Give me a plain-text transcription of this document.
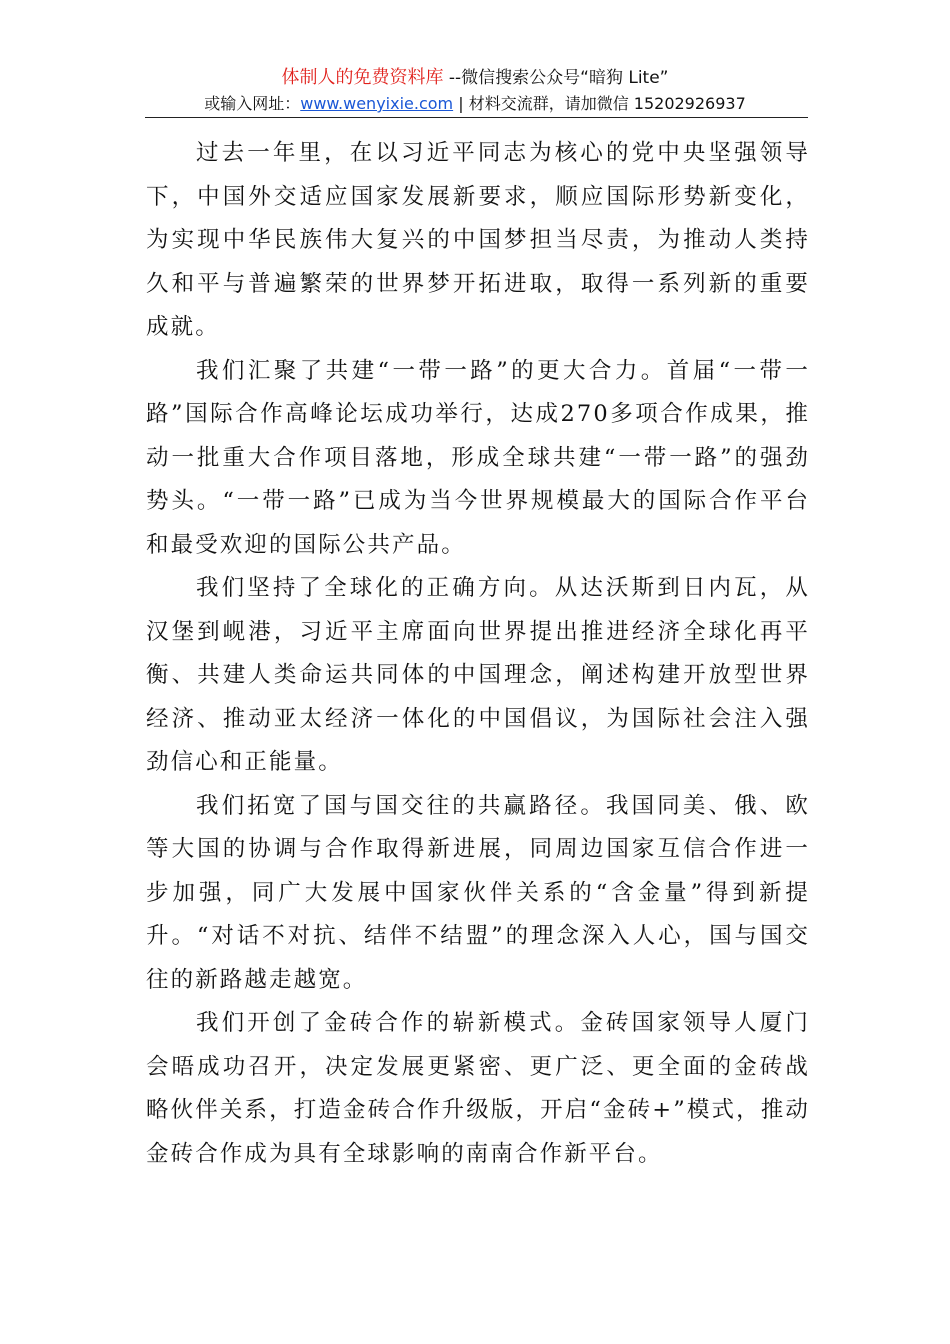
体制人的免费资料库 --微信搜索公众号“暗狗 Lite”
或输入网址：www.wenyixie.com | 材料交流群，请加微信 15202926937

过去一年里，在以习近平同志为核心的党中央坚强领导下，中国外交适应国家发展新要求，顺应国际形势新变化，为实现中华民族伟大复兴的中国梦担当尽责，为推动人类持久和平与普遍繁荣的世界梦开拓进取，取得一系列新的重要成就。

我们汇聚了共建“一带一路”的更大合力。首届“一带一路”国际合作高峰论坛成功举行，达成270多项合作成果，推动一批重大合作项目落地，形成全球共建“一带一路”的强劲势头。“一带一路”已成为当今世界规模最大的国际合作平台和最受欢迎的国际公共产品。

我们坚持了全球化的正确方向。从达沃斯到日内瓦，从汉堡到岘港，习近平主席面向世界提出推进经济全球化再平衡、共建人类命运共同体的中国理念，阐述构建开放型世界经济、推动亚太经济一体化的中国倡议，为国际社会注入强劲信心和正能量。

我们拓宽了国与国交往的共赢路径。我国同美、俄、欧等大国的协调与合作取得新进展，同周边国家互信合作进一步加强，同广大发展中国家伙伴关系的“含金量”得到新提升。“对话不对抗、结伴不结盟”的理念深入人心，国与国交往的新路越走越宽。

我们开创了金砖合作的崭新模式。金砖国家领导人厦门会晤成功召开，决定发展更紧密、更广泛、更全面的金砖战略伙伴关系，打造金砖合作升级版，开启“金砖+”模式，推动金砖合作成为具有全球影响的南南合作新平台。
